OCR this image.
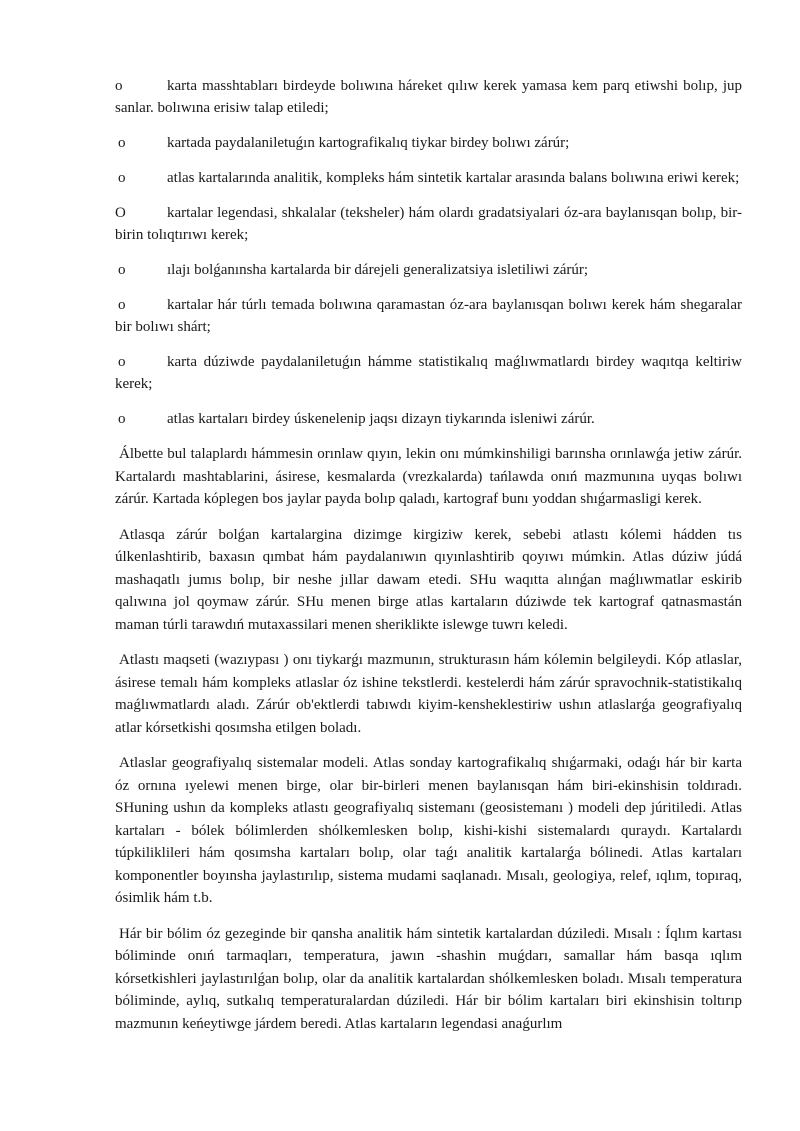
o	karta masshtabları birdeyde bolıwına háreket qılıw kerek yamasa kem parq etiwshi bolıp, jup sanlar. bolıwına erisiw talap etiledi;

o	kartada paydalaniletuǵın kartografikalıq tiykar birdey bolıwı zárúr;

o	atlas kartalarında analitik, kompleks hám sintetik kartalar arasında balans bolıwına eriwi kerek;

O	kartalar legendasi, shkalalar (teksheler) hám olardı gradatsiyalari óz-ara baylanısqan bolıp, bir-birin tolıqtırıwı kerek;

o	ılajı bolǵanınsha kartalarda bir dárejeli generalizatsiya isletiliwi zárúr;

o	kartalar hár túrlı temada bolıwına qaramastan óz-ara baylanısqan bolıwı kerek hám shegaralar bir bolıwı shárt;

o	karta dúziwde paydalaniletuǵın hámme statistikalıq maǵlıwmatlardı birdey waqıtqa keltiriw kerek;

o	atlas kartaları birdey úskenelenip jaqsı dizayn tiykarında isleniwi zárúr.

Álbette bul talaplardı hámmesin orınlaw qıyın, lekin onı múmkinshiligi barınsha orınlawǵa jetiw zárúr. Kartalardı mashtablarini, ásirese, kesmalarda (vrezkalarda) tańlawda onıń mazmunına uyqas bolıwı zárúr. Kartada kóplegen bos jaylar payda bolıp qaladı, kartograf bunı yoddan shıǵarmasligi kerek.

Atlasqa zárúr bolǵan kartalargina dizimge kirgiziw kerek, sebebi atlastı kólemi hádden tıs úlkenlashtirib, baxasın qımbat hám paydalanıwın qıyınlashtirib qoyıwı múmkin. Atlas dúziw júdá mashaqatlı jumıs bolıp, bir neshe jıllar dawam etedi. SHu waqıtta alınǵan maǵlıwmatlar eskirib qalıwına jol qoymaw zárúr. SHu menen birge atlas kartaların dúziwde tek kartograf qatnasmastán maman túrli tarawdıń mutaxassilari menen sheriklikte islewge tuwrı keledi.

Atlastı maqseti (wazıypası ) onı tiykarǵı mazmunın, strukturasın hám kólemin belgileydi. Kóp atlaslar, ásirese temalı hám kompleks atlaslar óz ishine tekstlerdi. kestelerdi hám zárúr spravochnik-statistikalıq maǵlıwmatlardı aladı. Zárúr ob'ektlerdi tabıwdı kiyim-kensheklestiriw ushın atlaslarǵa geografiyalıq atlar kórsetkishi qosımsha etilgen boladı.

Atlaslar geografiyalıq sistemalar modeli. Atlas sonday kartografikalıq shıǵarmaki, odaǵı hár bir karta óz ornına ıyelewi menen birge, olar bir-birleri menen baylanısqan hám biri-ekinshisin toldıradı. SHuning ushın da kompleks atlastı geografiyalıq sistemanı (geosistemanı ) modeli dep júritiledi. Atlas kartaları - bólek bólimlerden shólkemlesken bolıp, kishi-kishi sistemalardı quraydı. Kartalardı túpkiliklileri hám qosımsha kartaları bolıp, olar taǵı analitik kartalarǵa bólinedi. Atlas kartaları komponentler boyınsha jaylastırılıp, sistema mudami saqlanadı. Mısalı, geologiya, relef, ıqlım, topıraq, ósimlik hám t.b.

Hár bir bólim óz gezeginde bir qansha analitik hám sintetik kartalardan dúziledi. Mısalı : Íqlım kartası bóliminde onıń tarmaqları, temperatura, jawın -shashin muǵdarı, samallar hám basqa ıqlım kórsetkishleri jaylastırılǵan bolıp, olar da analitik kartalardan shólkemlesken boladı. Mısalı temperatura bóliminde, aylıq, sutkalıq temperaturalardan dúziledi. Hár bir bólim kartaları biri ekinshisin toltırıp mazmunın keńeytiwge járdem beredi. Atlas kartaların legendasi anaǵurlım
